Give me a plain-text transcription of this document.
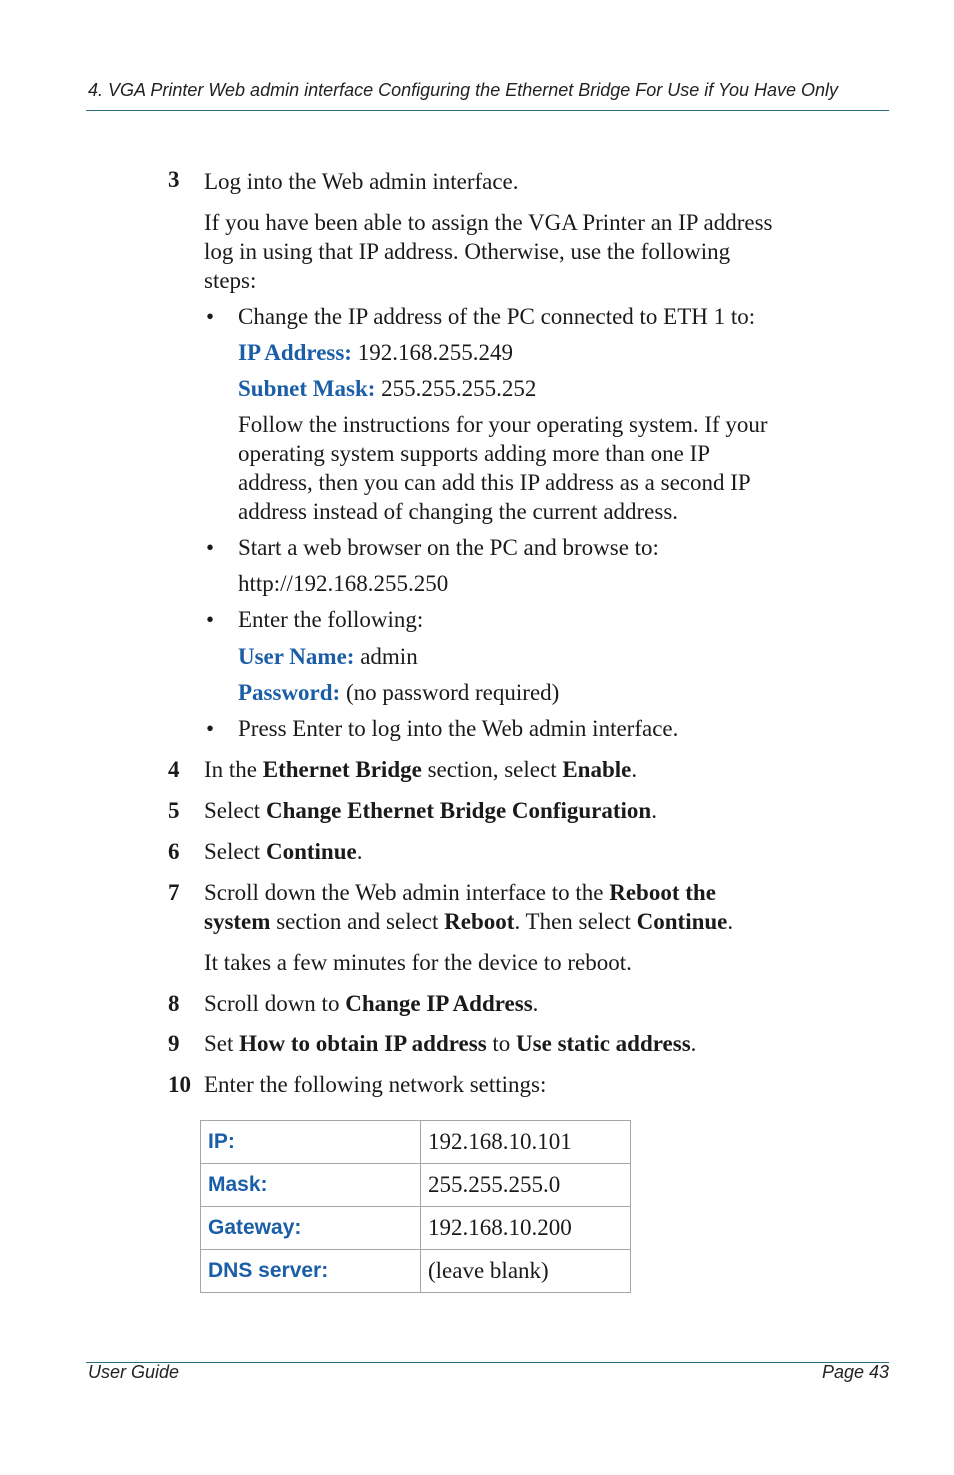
4. VGA Printer Web admin interface Configuring the Ethernet Bridge For Use if You Have Only
3 Log into the Web admin interface.
If you have been able to assign the VGA Printer an IP address
log in using that IP address. Otherwise, use the following
steps:
• Change the IP address of the PC connected to ETH 1 to:
IP Address: 192.168.255.249
Subnet Mask: 255.255.255.252
Follow the instructions for your operating system. If your
operating system supports adding more than one IP
address, then you can add this IP address as a second IP
address instead of changing the current address.
• Start a web browser on the PC and browse to:
http://192.168.255.250
• Enter the following:
User Name: admin
Password: (no password required)
• Press Enter to log into the Web admin interface.
4 In the Ethernet Bridge section, select Enable.
5 Select Change Ethernet Bridge Configuration.
6 Select Continue.
7 Scroll down the Web admin interface to the Reboot the
system section and select Reboot. Then select Continue.
It takes a few minutes for the device to reboot.
8 Scroll down to Change IP Address.
9 Set How to obtain IP address to Use static address.
10 Enter the following network settings:
IP:	192.168.10.101
Mask:	255.255.255.0
Gateway:	192.168.10.200
DNS server:	(leave blank)
User Guide	Page 43
